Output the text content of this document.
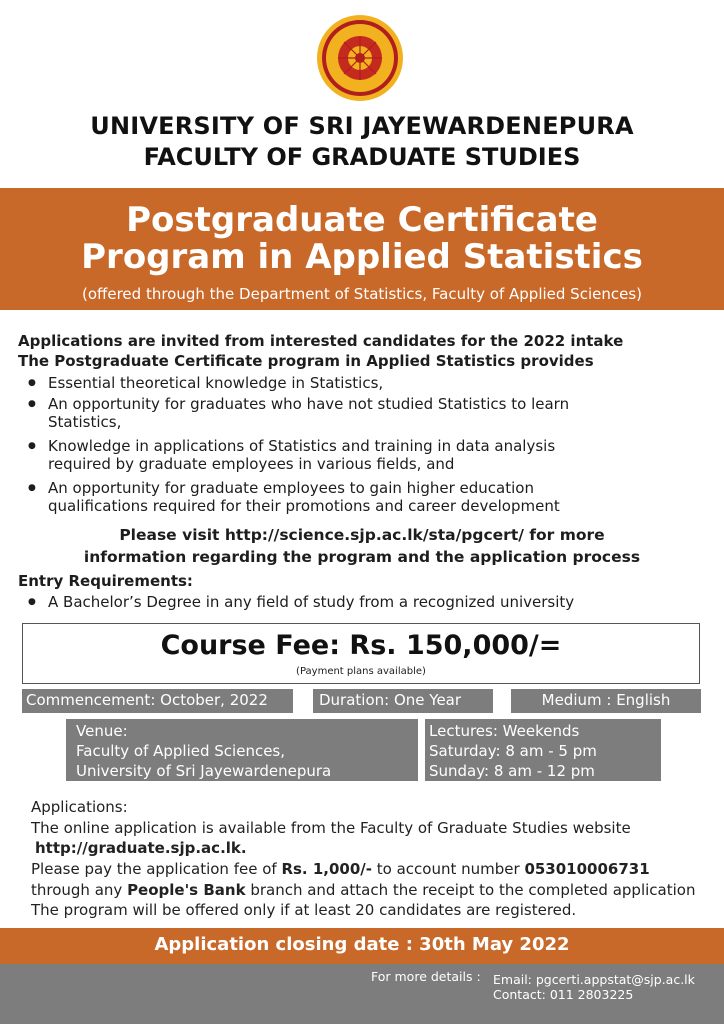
UNIVERSITY OF SRI JAYEWARDENEPURA
FACULTY OF GRADUATE STUDIES
Postgraduate Certificate
Program in Applied Statistics
(offered through the Department of Statistics, Faculty of Applied Sciences)
Applications are invited from interested candidates for the 2022 intake
The Postgraduate Certificate program in Applied Statistics provides
● Essential theoretical knowledge in Statistics,
● An opportunity for graduates who have not studied Statistics to learn
Statistics,
● Knowledge in applications of Statistics and training in data analysis
required by graduate employees in various fields, and
● An opportunity for graduate employees to gain higher education
qualifications required for their promotions and career development
Please visit http://science.sjp.ac.lk/sta/pgcert/ for more
information regarding the program and the application process
Entry Requirements:
● A Bachelor’s Degree in any field of study from a recognized university
Course Fee: Rs. 150,000/=
(Payment plans available)
Commencement: October, 2022	Duration: One Year	Medium : English
Venue:
Faculty of Applied Sciences,
University of Sri Jayewardenepura
Lectures: Weekends
Saturday: 8 am - 5 pm
Sunday: 8 am - 12 pm
Applications:
The online application is available from the Faculty of Graduate Studies website
http://graduate.sjp.ac.lk.
Please pay the application fee of Rs. 1,000/- to account number 053010006731
through any People's Bank branch and attach the receipt to the completed application
The program will be offered only if at least 20 candidates are registered.
Application closing date : 30th May 2022
For more details : Email: pgcerti.appstat@sjp.ac.lk
Contact: 011 2803225
